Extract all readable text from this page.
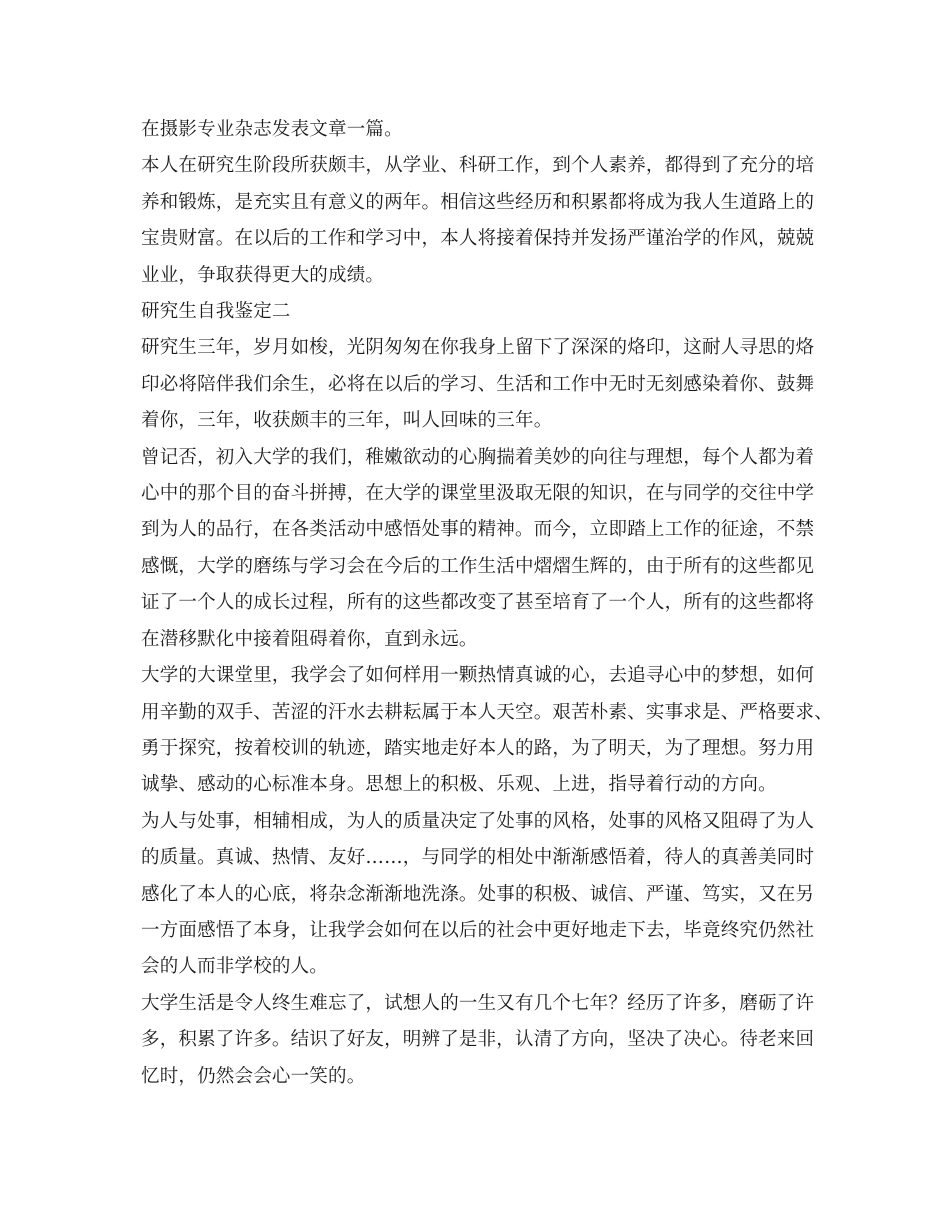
在摄影专业杂志发表文章一篇。
本人在研究生阶段所获颇丰，从学业、科研工作，到个人素养，都得到了充分的培
养和锻炼，是充实且有意义的两年。相信这些经历和积累都将成为我人生道路上的
宝贵财富。在以后的工作和学习中，本人将接着保持并发扬严谨治学的作风，兢兢
业业，争取获得更大的成绩。
研究生自我鉴定二
研究生三年，岁月如梭，光阴匆匆在你我身上留下了深深的烙印，这耐人寻思的烙
印必将陪伴我们余生，必将在以后的学习、生活和工作中无时无刻感染着你、鼓舞
着你，三年，收获颇丰的三年，叫人回味的三年。
曾记否，初入大学的我们，稚嫩欲动的心胸揣着美妙的向往与理想，每个人都为着
心中的那个目的奋斗拼搏，在大学的课堂里汲取无限的知识，在与同学的交往中学
到为人的品行，在各类活动中感悟处事的精神。而今，立即踏上工作的征途，不禁
感慨，大学的磨练与学习会在今后的工作生活中熠熠生辉的，由于所有的这些都见
证了一个人的成长过程，所有的这些都改变了甚至培育了一个人，所有的这些都将
在潜移默化中接着阻碍着你，直到永远。
大学的大课堂里，我学会了如何样用一颗热情真诚的心，去追寻心中的梦想，如何
用辛勤的双手、苦涩的汗水去耕耘属于本人天空。艰苦朴素、实事求是、严格要求、
勇于探究，按着校训的轨迹，踏实地走好本人的路，为了明天，为了理想。努力用
诚挚、感动的心标准本身。思想上的积极、乐观、上进，指导着行动的方向。
为人与处事，相辅相成，为人的质量决定了处事的风格，处事的风格又阻碍了为人
的质量。真诚、热情、友好……，与同学的相处中渐渐感悟着，待人的真善美同时
感化了本人的心底，将杂念渐渐地洗涤。处事的积极、诚信、严谨、笃实，又在另
一方面感悟了本身，让我学会如何在以后的社会中更好地走下去，毕竟终究仍然社
会的人而非学校的人。
大学生活是令人终生难忘了，试想人的一生又有几个七年？经历了许多，磨砺了许
多，积累了许多。结识了好友，明辨了是非，认清了方向，坚决了决心。待老来回
忆时，仍然会会心一笑的。
